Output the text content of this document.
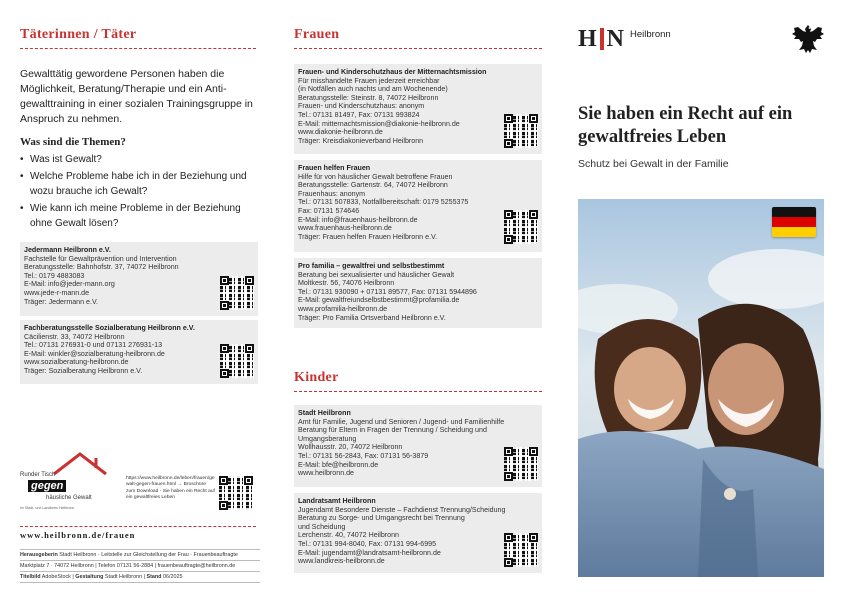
Täterinnen / Täter
Gewalttätig gewordene Personen haben die Möglichkeit, Beratung/Therapie und ein Anti-gewalttraining in einer sozialen Trainingsgruppe in Anspruch zu nehmen.
Was sind die Themen?
• Was ist Gewalt?
• Welche Probleme habe ich in der Beziehung und wozu brauche ich Gewalt?
• Wie kann ich meine Probleme in der Beziehung ohne Gewalt lösen?
Jedermann Heilbronn e.V.
Fachstelle für Gewaltprävention und Intervention
Beratungsstelle: Bahnhofstr. 37, 74072 Heilbronn
Tel.: 0179 4883083
E-Mail: info@jeder-mann.org
www.jede-r-mann.de
Träger: Jedermann e.V.
Fachberatungsstelle Sozialberatung Heilbronn e.V.
Cäcilienstr. 33, 74072 Heilbronn
Tel.: 07131 276931-0 und 07131 276931-13
E-Mail: winkler@sozialberatung-heilbronn.de
www.sozialberatung-heilbronn.de
Träger: Sozialberatung Heilbronn e.V.
Runder Tisch
gegen
häusliche Gewalt
im Stadt- und Landkreis Heilbronn
https://www.heilbronn.de/leben/frauen/gewalt-gegen-frauen.html → Broschüre zum Download - Sie haben ein Recht auf ein gewaltfreies Leben
www.heilbronn.de/frauen
Herausgeberin Stadt Heilbronn · Leitstelle zur Gleichstellung der Frau · Frauenbeauftragte
Marktplatz 7 · 74072 Heilbronn | Telefon 07131 56-2884 | frauenbeauftragte@heilbronn.de
Titelbild AdobeStock | Gestaltung Stadt Heilbronn | Stand 06/2025
Frauen
Frauen- und Kinderschutzhaus der Mitternachtsmission
Für misshandelte Frauen jederzeit erreichbar
(in Notfällen auch nachts und am Wochenende)
Beratungsstelle: Steinstr. 8, 74072 Heilbronn
Frauen- und Kinderschutzhaus: anonym
Tel.: 07131 81497, Fax: 07131 993824
E-Mail: mitternachtsmission@diakonie-heilbronn.de
www.diakonie-heilbronn.de
Träger: Kreisdiakonieverband Heilbronn
Frauen helfen Frauen
Hilfe für von häuslicher Gewalt betroffene Frauen
Beratungsstelle: Gartenstr. 64, 74072 Heilbronn
Frauenhaus: anonym
Tel.: 07131 507833, Notfallbereitschaft: 0179 5255375
Fax: 07131 574646
E-Mail: info@frauenhaus-heilbronn.de
www.frauenhaus-heilbronn.de
Träger: Frauen helfen Frauen Heilbronn e.V.
Pro familia – gewaltfrei und selbstbestimmt
Beratung bei sexualisierter und häuslicher Gewalt
Moltkestr. 56, 74076 Heilbronn
Tel.: 07131 930090 + 07131 89577, Fax: 07131 5944896
E-Mail: gewaltfreiundselbstbestimmt@profamilia.de
www.profamilia-heilbronn.de
Träger: Pro Familia Ortsverband Heilbronn e.V.
Kinder
Stadt Heilbronn
Amt für Familie, Jugend und Senioren / Jugend- und Familienhilfe
Beratung für Eltern in Fragen der Trennung / Scheidung und
Umgangsberatung
Wollhausstr. 20, 74072 Heilbronn
Tel.: 07131 56-2843, Fax: 07131 56-3879
E-Mail: bfe@heilbronn.de
www.heilbronn.de
Landratsamt Heilbronn
Jugendamt Besondere Dienste – Fachdienst Trennung/Scheidung
Beratung zu Sorge- und Umgangsrecht bei Trennung
und Scheidung
Lerchenstr. 40, 74072 Heilbronn
Tel.: 07131 994-8040, Fax: 07131 994-6995
E-Mail: jugendamt@landratsamt-heilbronn.de
www.landkreis-heilbronn.de
H N Heilbronn
Sie haben ein Recht auf ein gewaltfreies Leben
Schutz bei Gewalt in der Familie
